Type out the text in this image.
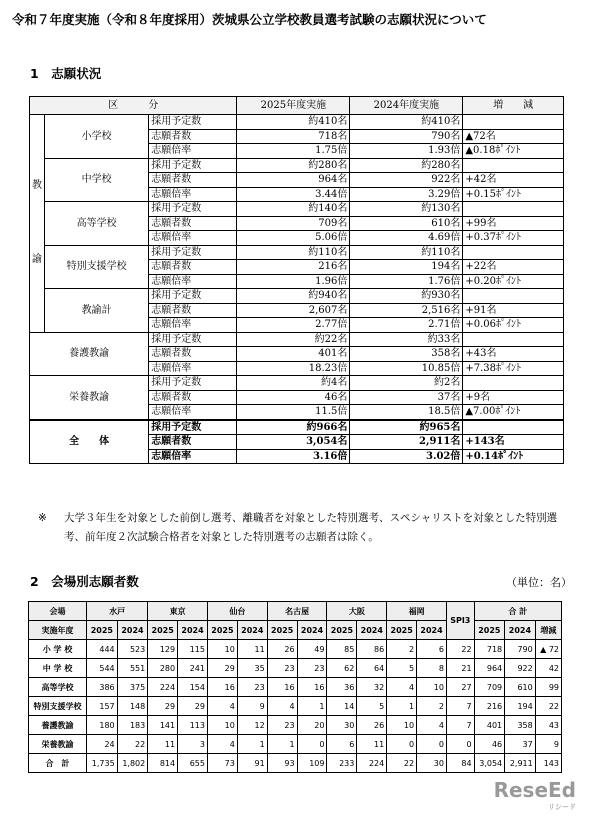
令和７年度実施（令和８年度採用）茨城県公立学校教員選考試験の志願状況について
1　志願状況
区　　　分			2025年度実施	2024年度実施	増　　減

教
諭	小学校	採用予定数	約410名	約410名	
		志願者数	718名	790名	▲72名
		志願倍率	1.75倍	1.93倍	▲0.18ﾎﾟｲﾝﾄ
	中学校	採用予定数	約280名	約280名	
		志願者数	964名	922名	+42名
		志願倍率	3.44倍	3.29倍	+0.15ﾎﾟｲﾝﾄ
	高等学校	採用予定数	約140名	約130名	
		志願者数	709名	610名	+99名
		志願倍率	5.06倍	4.69倍	+0.37ﾎﾟｲﾝﾄ
	特別支援学校	採用予定数	約110名	約110名	
		志願者数	216名	194名	+22名
		志願倍率	1.96倍	1.76倍	+0.20ﾎﾟｲﾝﾄ
	教諭計	採用予定数	約940名	約930名	
		志願者数	2,607名	2,516名	+91名
		志願倍率	2.77倍	2.71倍	+0.06ﾎﾟｲﾝﾄ
養護教諭		採用予定数	約22名	約33名	
		志願者数	401名	358名	+43名
		志願倍率	18.23倍	10.85倍	+7.38ﾎﾟｲﾝﾄ
栄養教諭		採用予定数	約4名	約2名	
		志願者数	46名	37名	+9名
		志願倍率	11.5倍	18.5倍	▲7.00ﾎﾟｲﾝﾄ
全　　体		採用予定数	約966名	約965名	
		志願者数	3,054名	2,911名	+143名
		志願倍率	3.16倍	3.02倍	+0.14ﾎﾟｲﾝﾄ
※ 大学３年生を対象とした前倒し選考、離職者を対象とした特別選考、スペシャリストを対象とした特別選考、前年度２次試験合格者を対象とした特別選考の志願者は除く。
2　会場別志願者数	（単位：名）
会場	水戸		東京		仙台		名古屋		大阪		福岡		SPI3	合 計		
実施年度	2025	2024	2025	2024	2025	2024	2025	2024	2025	2024	2025	2024		2025	2024	増減
小 学 校	444	523	129	115	10	11	26	49	85	86	2	6	22	718	790	▲ 72
中 学 校	544	551	280	241	29	35	23	23	62	64	5	8	21	964	922	42
高等学校	386	375	224	154	16	23	16	16	36	32	4	10	27	709	610	99
特別支援学校	157	148	29	29	4	9	4	1	14	5	1	2	7	216	194	22
養護教諭	180	183	141	113	10	12	23	20	30	26	10	4	7	401	358	43
栄養教諭	24	22	11	3	4	1	1	0	6	11	0	0	0	46	37	9
合　計	1,735	1,802	814	655	73	91	93	109	233	224	22	30	84	3,054	2,911	143
ReseEd
リシード
